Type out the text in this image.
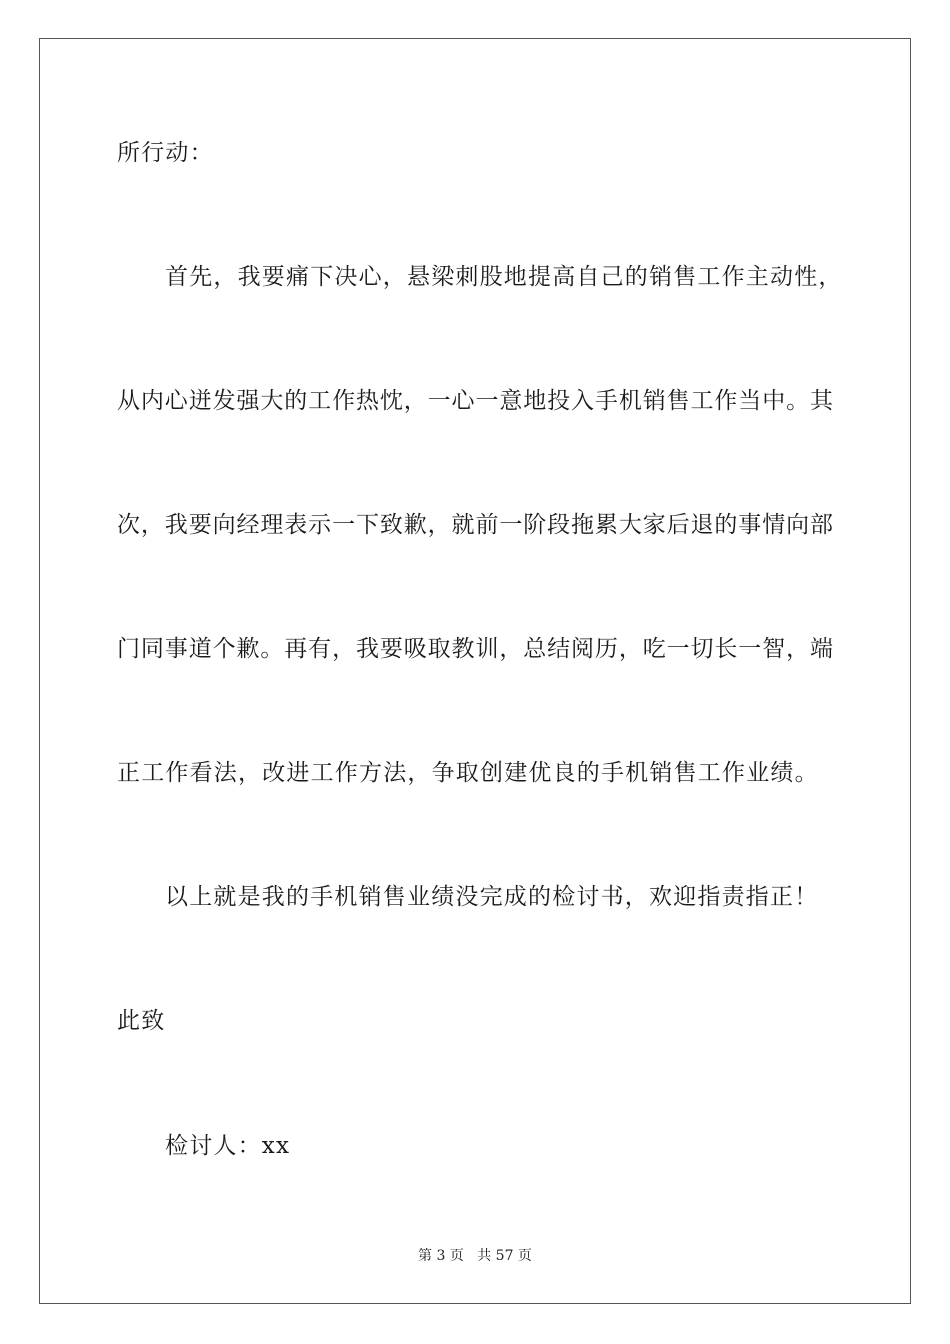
所行动：
首先，我要痛下决心，悬梁刺股地提高自己的销售工作主动性，
从内心迸发强大的工作热忱，一心一意地投入手机销售工作当中。其
次，我要向经理表示一下致歉，就前一阶段拖累大家后退的事情向部
门同事道个歉。再有，我要吸取教训，总结阅历，吃一切长一智，端
正工作看法，改进工作方法，争取创建优良的手机销售工作业绩。
以上就是我的手机销售业绩没完成的检讨书，欢迎指责指正！
此致
检讨人：xx
第 3 页 共 57 页
